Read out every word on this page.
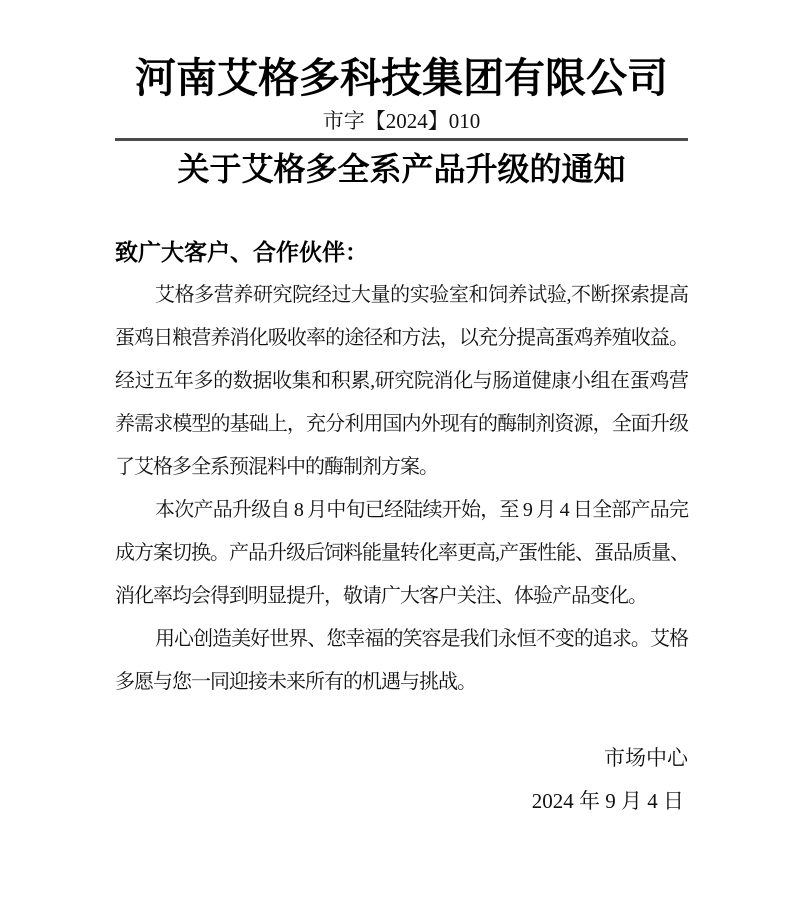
河南艾格多科技集团有限公司
市字【2024】010
关于艾格多全系产品升级的通知
致广大客户、合作伙伴：
艾格多营养研究院经过大量的实验室和饲养试验,不断探索提高
蛋鸡日粮营养消化吸收率的途径和方法，以充分提高蛋鸡养殖收益。
经过五年多的数据收集和积累,研究院消化与肠道健康小组在蛋鸡营
养需求模型的基础上，充分利用国内外现有的酶制剂资源，全面升级
了艾格多全系预混料中的酶制剂方案。
本次产品升级自 8 月中旬已经陆续开始，至 9 月 4 日全部产品完
成方案切换。产品升级后饲料能量转化率更高,产蛋性能、蛋品质量、
消化率均会得到明显提升，敬请广大客户关注、体验产品变化。
用心创造美好世界、您幸福的笑容是我们永恒不变的追求。艾格
多愿与您一同迎接未来所有的机遇与挑战。
市场中心
2024 年 9 月 4 日
